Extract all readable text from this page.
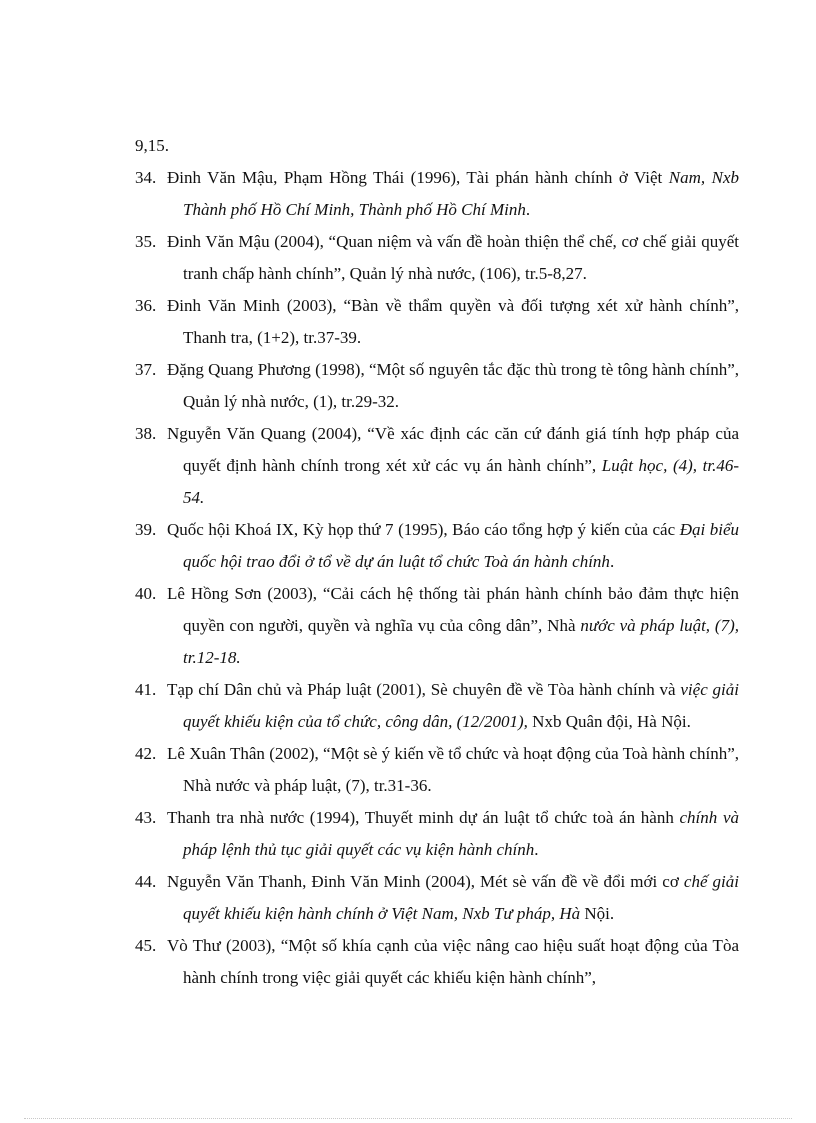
9,15.
34. Đinh Văn Mậu, Phạm Hồng Thái (1996), Tài phán hành chính ở Việt Nam, Nxb Thành phố Hồ Chí Minh, Thành phố Hồ Chí Minh.
35. Đinh Văn Mậu (2004), “Quan niệm và vấn đề hoàn thiện thể chế, cơ chế giải quyết tranh chấp hành chính”, Quản lý nhà nước, (106), tr.5-8,27.
36. Đinh Văn Minh (2003), “Bàn về thẩm quyền và đối tượng xét xử hành chính”, Thanh tra, (1+2), tr.37-39.
37. Đặng Quang Phương (1998), “Một số nguyên tắc đặc thù trong tè tông hành chính”, Quản lý nhà nước, (1), tr.29-32.
38. Nguyễn Văn Quang (2004), “Về xác định các căn cứ đánh giá tính hợp pháp của quyết định hành chính trong xét xử các vụ án hành chính”, Luật học, (4), tr.46-54.
39. Quốc hội Khoá IX, Kỳ họp thứ 7 (1995), Báo cáo tổng hợp ý kiến của các Đại biểu quốc hội trao đổi ở tổ về dự án luật tổ chức Toà án hành chính.
40. Lê Hồng Sơn (2003), “Cải cách hệ thống tài phán hành chính bảo đảm thực hiện quyền con người, quyền và nghĩa vụ của công dân”, Nhà nước và pháp luật, (7), tr.12-18.
41. Tạp chí Dân chủ và Pháp luật (2001), Sè chuyên đề về Tòa hành chính và việc giải quyết khiếu kiện của tổ chức, công dân, (12/2001), Nxb Quân đội, Hà Nội.
42. Lê Xuân Thân (2002), “Một sè ý kiến về tổ chức và hoạt động của Toà hành chính”, Nhà nước và pháp luật, (7), tr.31-36.
43. Thanh tra nhà nước (1994), Thuyết minh dự án luật tổ chức toà án hành chính và pháp lệnh thủ tục giải quyết các vụ kiện hành chính.
44. Nguyễn Văn Thanh, Đinh Văn Minh (2004), Mét sè vấn đề về đổi mới cơ chế giải quyết khiếu kiện hành chính ở Việt Nam, Nxb Tư pháp, Hà Nội.
45. Vò Thư (2003), “Một số khía cạnh của việc nâng cao hiệu suất hoạt động của Tòa hành chính trong việc giải quyết các khiếu kiện hành chính”,
